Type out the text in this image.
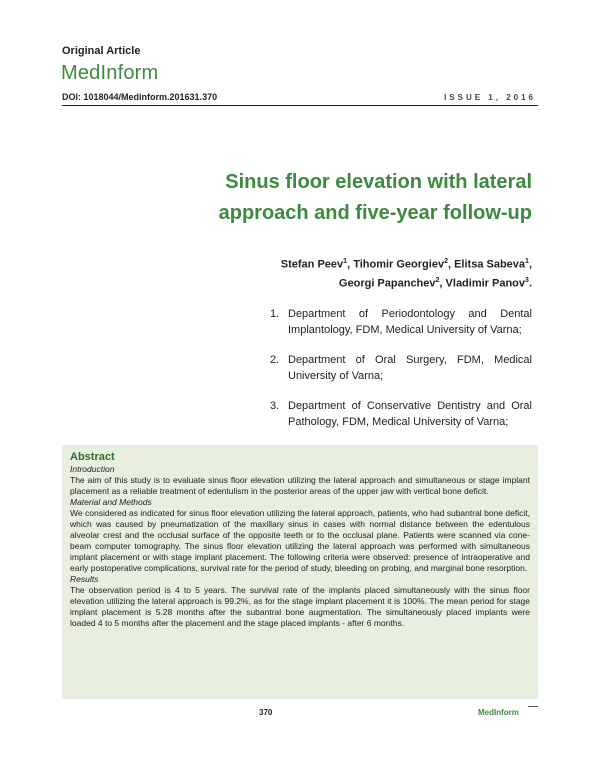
Original Article
MedInform
DOI: 1018044/Medinform.201631.370	ISSUE 1, 2016
Sinus floor elevation with lateral
approach and five-year follow-up
Stefan Peev$^1$, Tihomir Georgiev$^2$, Elitsa Sabeva$^1$,
Georgi Papanchev$^2$, Vladimir Panov$^3$.
1. Department of Periodontology and Dental Implantology, FDM, Medical University of Varna;
2. Department of Oral Surgery, FDM, Medical University of Varna;
3. Department of Conservative Dentistry and Oral Pathology, FDM, Medical University of Varna;
Abstract
Introduction

The aim of this study is to evaluate sinus floor elevation utilizing the lateral approach and simultaneous or stage implant placement as a reliable treatment of edentulism in the posterior areas of the upper jaw with vertical bone deficit.

Material and Methods

We considered as indicated for sinus floor elevation utilizing the lateral approach, patients, who had subantral bone deficit, which was caused by pneumatization of the maxillary sinus in cases with normal distance between the edentulous alveolar crest and the occlusal surface of the opposite teeth or to the occlusal plane. Patients were scanned via cone-beam computer tomography. The sinus floor elevation utilizing the lateral approach was performed with simultaneous implant placement or with stage implant placement. The following criteria were observed: presence of intraoperative and early postoperative complications, survival rate for the period of study, bleeding on probing, and marginal bone resorption.

Results

The observation period is 4 to 5 years. The survival rate of the implants placed simultaneously with the sinus floor elevation utilizing the lateral approach is 99.2%, as for the stage implant placement it is 100%. The mean period for stage implant placement is 5.28 months after the subantral bone augmentation. The simultaneously placed implants were loaded 4 to 5 months after the placement and the stage placed implants - after 6 months.

370	MedInform
